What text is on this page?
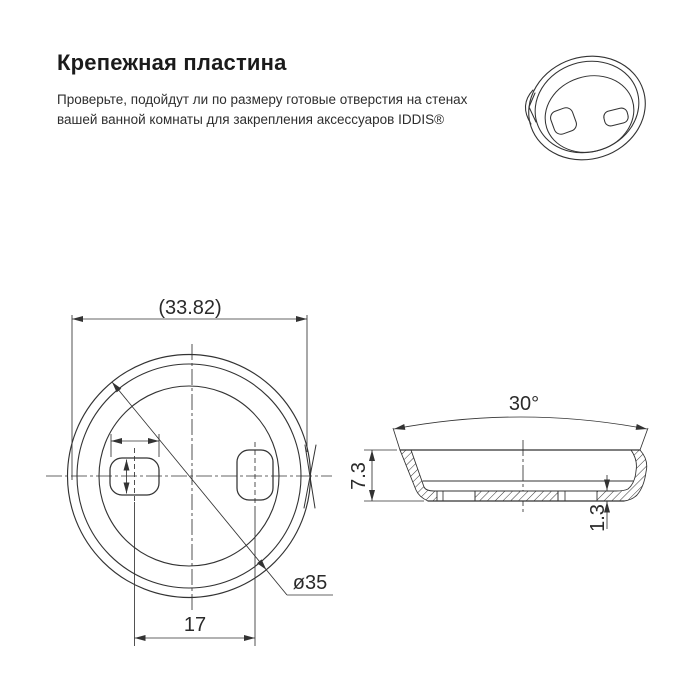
Крепежная пластина

Проверьте, подойдут ли по размеру готовые отверстия на стенах
вашей ванной комнаты для закрепления аксессуаров IDDIS®

(33.82)
17
ø35
30°
7.3
1.3
